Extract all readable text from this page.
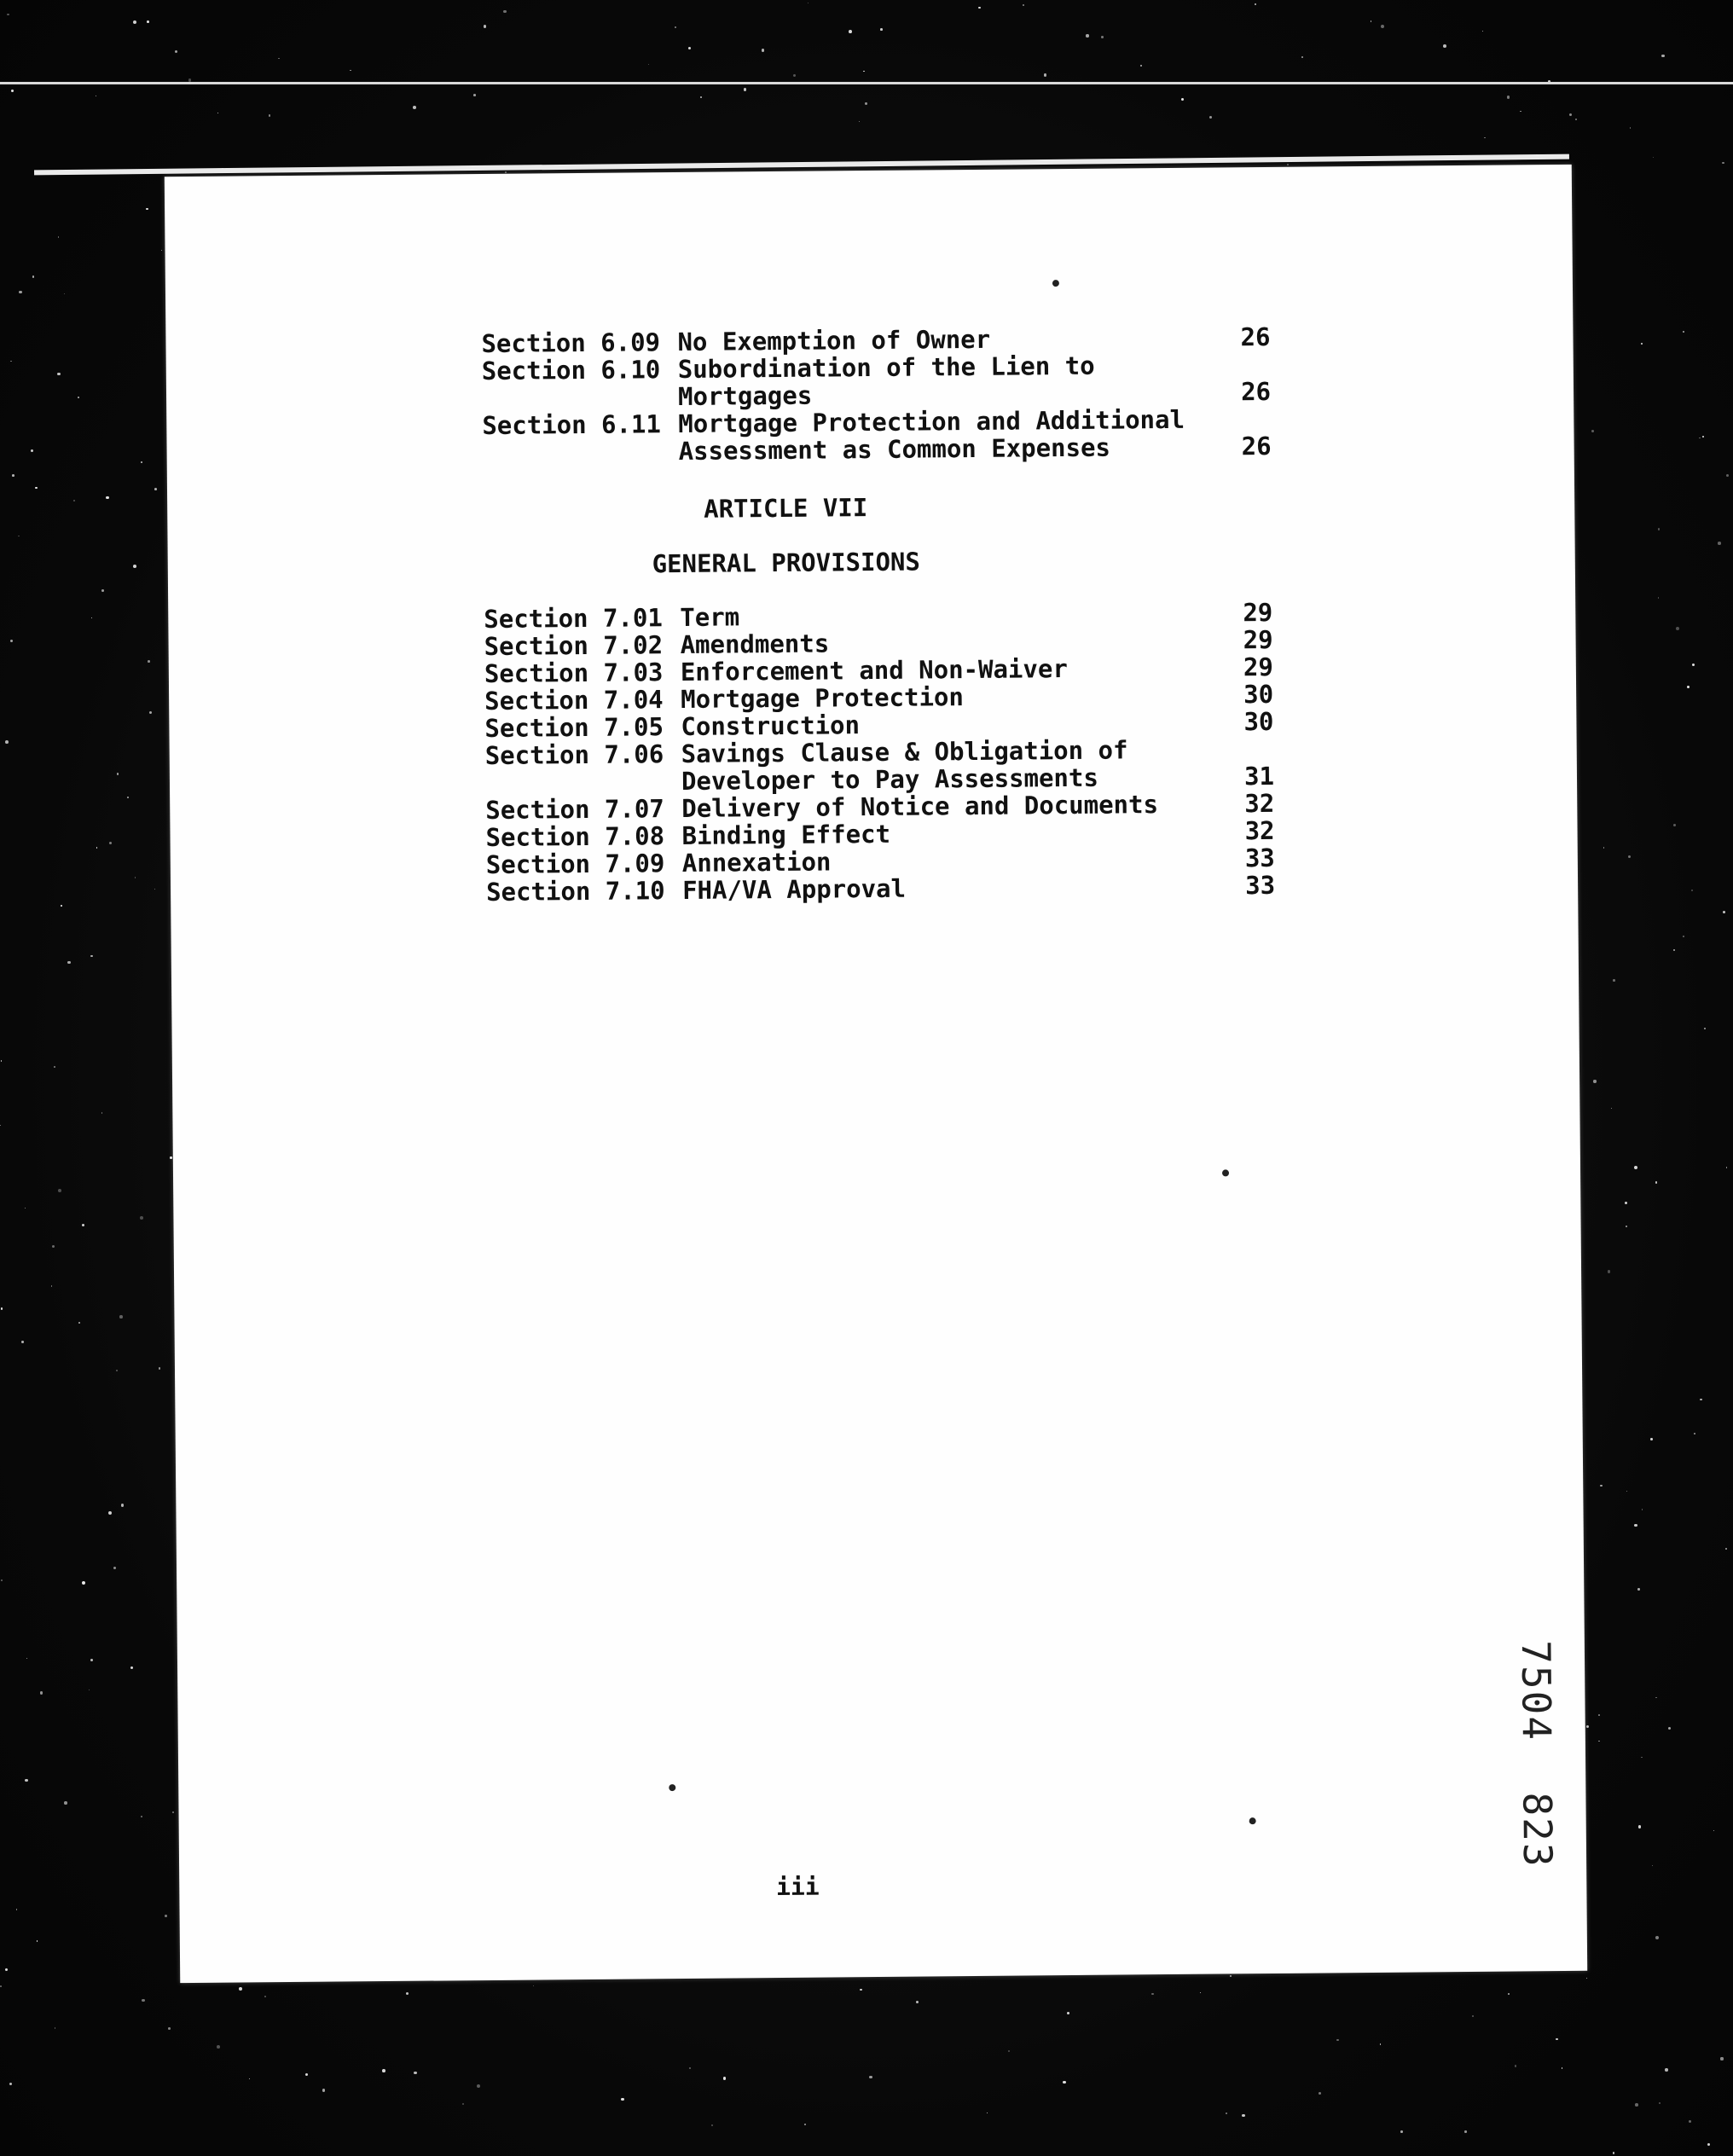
Section 6.09 No Exemption of Owner	26
Section 6.10 Subordination of the Lien to
Mortgages	26
Section 6.11 Mortgage Protection and Additional
Assessment as Common Expenses	26
Section 7.01 Term	29
Section 7.02 Amendments	29
Section 7.03 Enforcement and Non-Waiver	29
Section 7.04 Mortgage Protection	30
Section 7.05 Construction	30
Section 7.06 Savings Clause & Obligation of
Developer to Pay Assessments	31
Section 7.07 Delivery of Notice and Documents	32
Section 7.08 Binding Effect	32
Section 7.09 Annexation	33
Section 7.10 FHA/VA Approval	33
ARTICLE VII
GENERAL PROVISIONS
iii
7504  823
